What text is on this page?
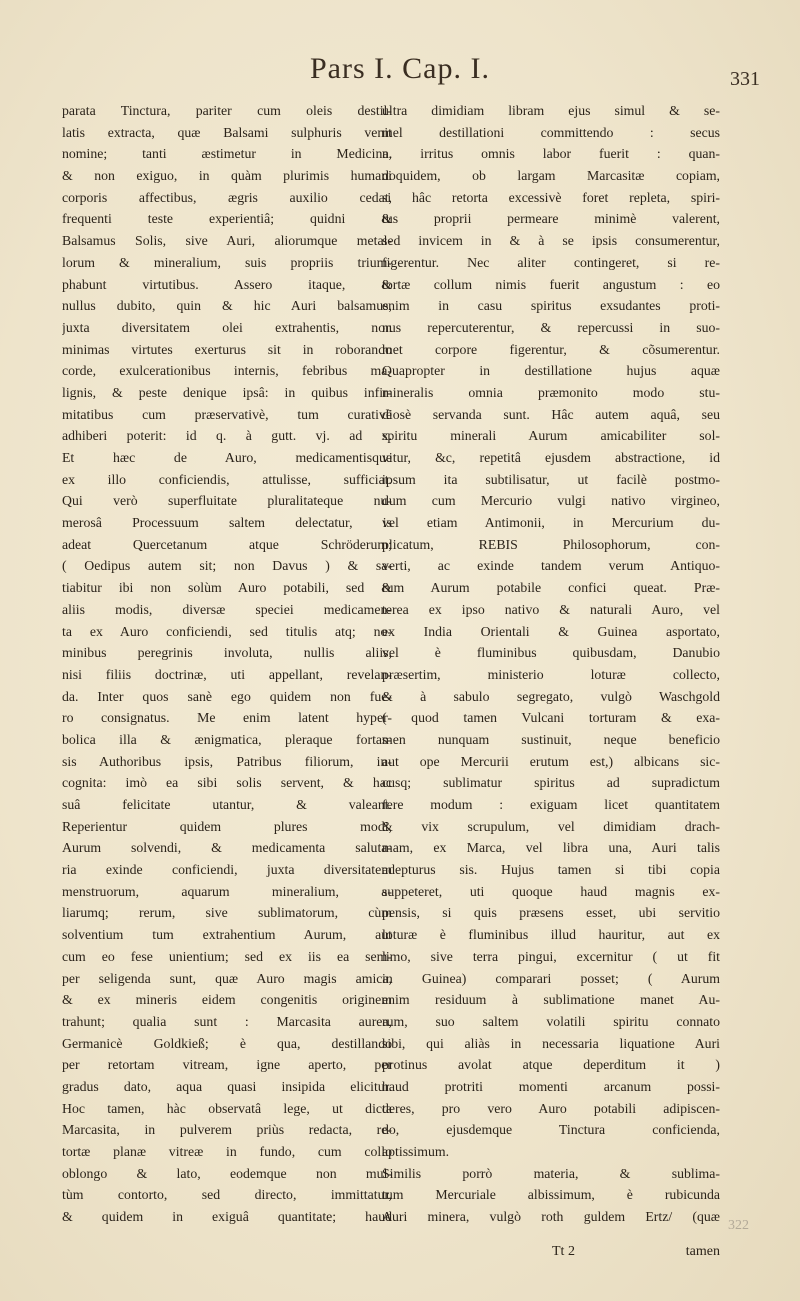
Pars I. Cap. I.	331
parata Tinctura, pariter cum oleis destil-
latis extracta, quæ Balsami sulphuris venit
nomine; tanti æstimetur in Medicina,
& non exiguo, in quàm plurimis humani
corporis affectibus, ægris auxilio cedat,
frequenti teste experientiâ; quidni &
Balsamus Solis, sive Auri, aliorumque metal-
lorum & mineralium, suis propriis trium-
phabunt virtutibus. Assero itaque, &
nullus dubito, quin & hic Auri balsamus,
juxta diversitatem olei extrahentis, non
minimas virtutes exerturus sit in roborando
corde, exulcerationibus internis, febribus ma-
lignis, & peste denique ipsâ: in quibus infir-
mitatibus cum præservativè, tum curativè
adhiberi poterit: id q. à gutt. vj. ad x.
Et hæc de Auro, medicamentisque
ex illo conficiendis, attulisse, sufficiat.
Qui verò superfluitate pluralitateque nu-
merosâ Processuum saltem delectatur, is
adeat Quercetanum atque Schröderum;
( Oedipus autem sit; non Davus ) & sa-
tiabitur ibi non solùm Auro potabili, sed &
aliis modis, diversæ speciei medicamen-
ta ex Auro conficiendi, sed titulis atq; no-
minibus peregrinis involuta, nullis aliis,
nisi filiis doctrinæ, uti appellant, revelan-
da. Inter quos sanè ego quidem non fue-
ro consignatus. Me enim latent hyper-
bolica illa & ænigmatica, pleraque fortas-
sis Authoribus ipsis, Patribus filiorum, in-
cognita: imò ea sibi solis servent, & hac
suâ felicitate utantur, & valeant.
Reperientur quidem plures modi,
Aurum solvendi, & medicamenta saluta-
ria exinde conficiendi, juxta diversitatem
menstruorum, aquarum mineralium, a-
liarumq; rerum, sive sublimatorum, cùm
solventium tum extrahentium Aurum, aut
cum eo fese unientium; sed ex iis ea sem-
per seligenda sunt, quæ Auro magis amica,
& ex mineris eidem congenitis originem
trahunt; qualia sunt : Marcasita aurea,
Germanicè Goldkieß; è qua, destillando
per retortam vitream, igne aperto, per
gradus dato, aqua quasi insipida elicitur.
Hoc tamen, hàc observatâ lege, ut dicta
Marcasita, in pulverem priùs redacta, re-
tortæ planæ vitreæ in fundo, cum collo
oblongo & lato, eodemque non mul-
tùm contorto, sed directo, immittatur,
& quidem in exiguâ quantitate; haud
ultra dimidiam libram ejus simul & se-
mel destillationi committendo : secus
n. irritus omnis labor fuerit : quan-
doquidem, ob largam Marcasitæ copiam,
si hâc retorta excessivè foret repleta, spiri-
tus proprii permeare minimè valerent,
sed invicem in & à se ipsis consumerentur,
figerentur. Nec aliter contingeret, si re-
tortæ collum nimis fuerit angustum : eo
enim in casu spiritus exsudantes proti-
nus repercuterentur, & repercussi in suo-
met corpore figerentur, & cõsumerentur.
Quapropter in destillatione hujus aquæ
mineralis omnia præmonito modo stu-
diosè servanda sunt. Hâc autem aquâ, seu
spiritu minerali Aurum amicabiliter sol-
vitur, &c, repetitâ ejusdem abstractione, id
ipsum ita subtilisatur, ut facilè postmo-
dum cum Mercurio vulgi nativo virgineo,
vel etiam Antimonii, in Mercurium du-
plicatum, REBIS Philosophorum, con-
verti, ac exinde tandem verum Antiquo-
rum Aurum potabile confici queat. Præ-
terea ex ipso nativo & naturali Auro, vel
ex India Orientali & Guinea asportato,
vel è fluminibus quibusdam, Danubio
præsertim, ministerio loturæ collecto,
& à sabulo segregato, vulgò Waschgold
( quod tamen Vulcani torturam & exa-
men nunquam sustinuit, neque beneficio
aut ope Mercurii erutum est,) albicans sic-
cusq; sublimatur spiritus ad supradictum
fere modum : exiguam licet quantitatem
& vix scrupulum, vel dimidiam drach-
mam, ex Marca, vel libra una, Auri talis
adepturus sis. Hujus tamen si tibi copia
suppeteret, uti quoque haud magnis ex-
pensis, si quis præsens esset, ubi servitio
loturæ è fluminibus illud hauritur, aut ex
limo, sive terra pingui, excernitur ( ut fit
in Guinea) comparari posset; ( Aurum
enim residuum à sublimatione manet Au-
rum, suo saltem volatili spiritu connato
sibi, qui aliàs in necessaria liquatione Auri
protinus avolat atque deperditum it )
haud protriti momenti arcanum possi-
deres, pro vero Auro potabili adipiscen-
do, ejusdemque Tinctura conficienda,
aptissimum.
Similis porrò materia, & sublima-
tum Mercuriale albissimum, è rubicunda
Auri minera, vulgò roth guldem Ertz/ (quæ
322
Tt 2	tamen
